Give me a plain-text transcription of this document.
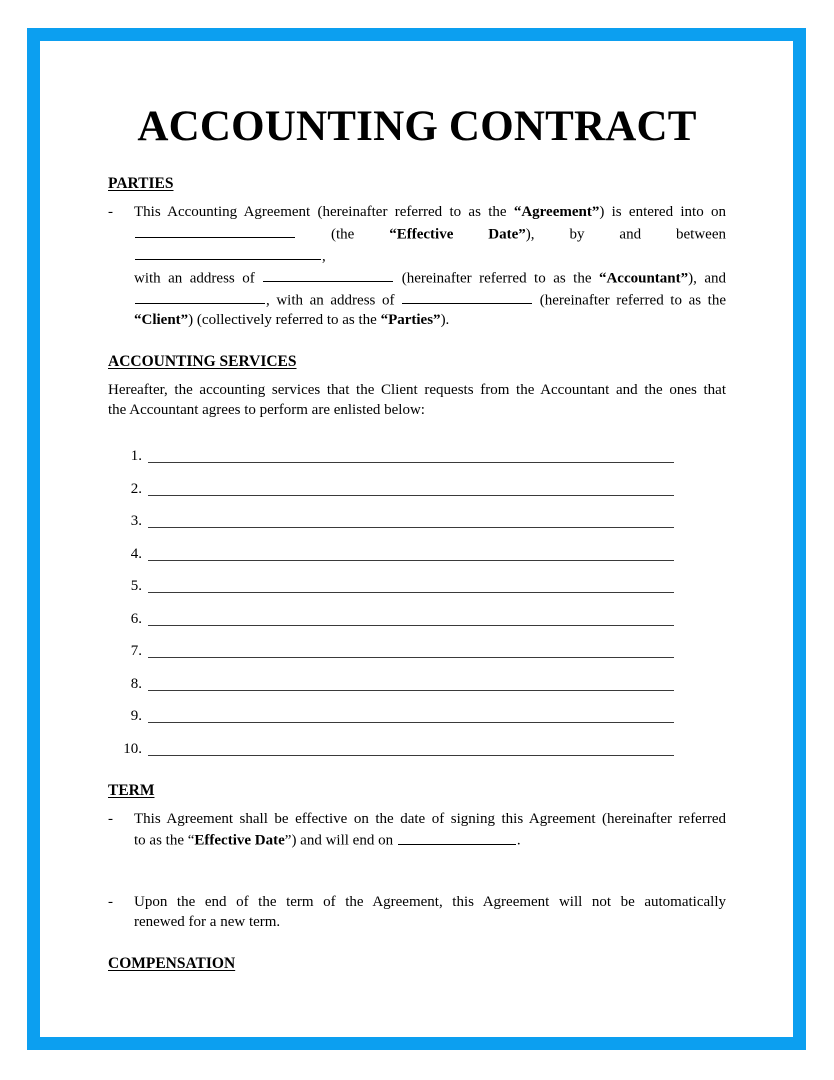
ACCOUNTING CONTRACT
PARTIES
-	This Accounting Agreement (hereinafter referred to as the “Agreement”) is entered into on
(the “Effective Date”), by and between ,
with an address of	(hereinafter referred to as the “Accountant”), and
, with an address of	(hereinafter referred to as the
“Client”) (collectively referred to as the “Parties”).
ACCOUNTING SERVICES
Hereafter, the accounting services that the Client requests from the Accountant and the ones that
the Accountant agrees to perform are enlisted below:
1.
2.
3.
4.
5.
6.
7.
8.
9.
10.
TERM
-	This Agreement shall be effective on the date of signing this Agreement (hereinafter referred
to as the “Effective Date”) and will end on	.
-	Upon the end of the term of the Agreement, this Agreement will not be automatically
renewed for a new term.
COMPENSATION
